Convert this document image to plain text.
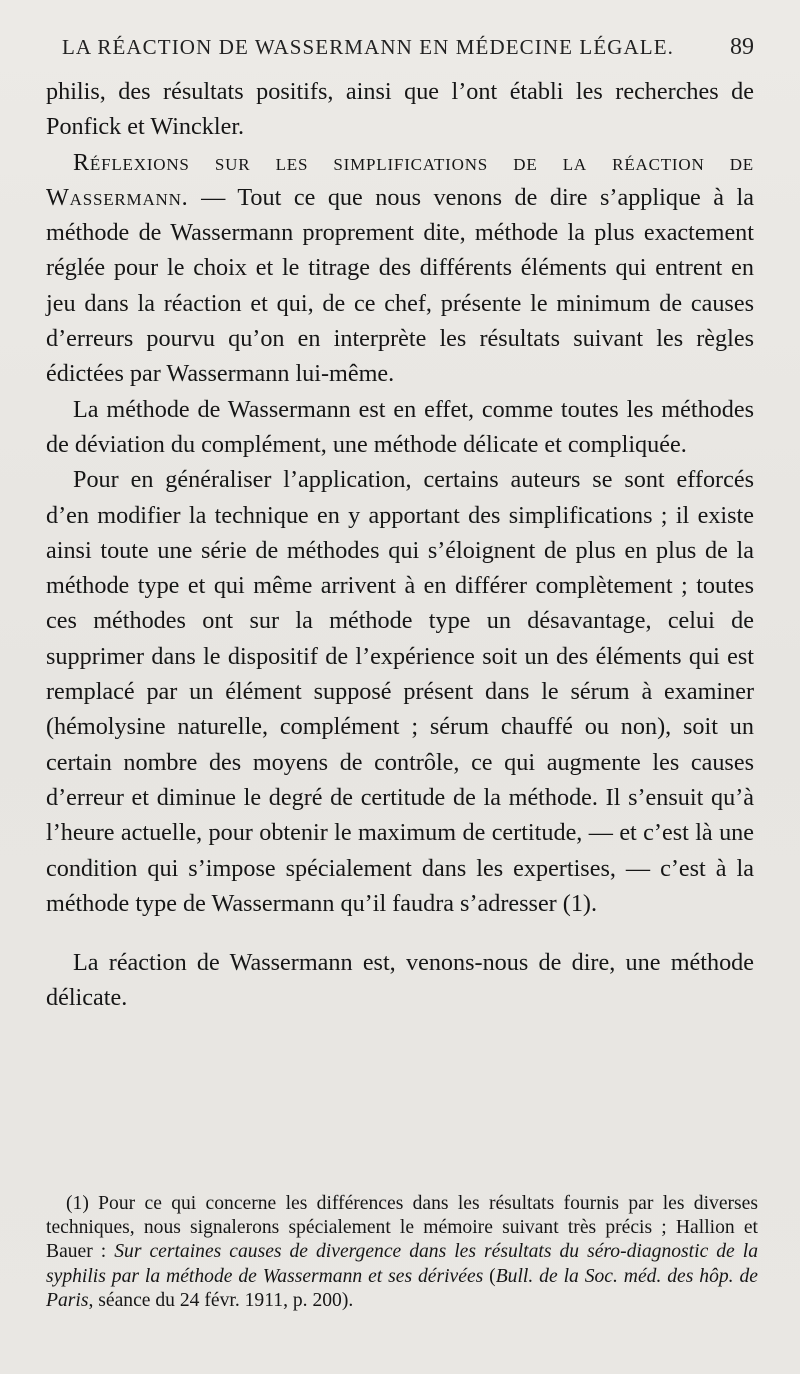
LA RÉACTION DE WASSERMANN EN MÉDECINE LÉGALE. 89

philis, des résultats positifs, ainsi que l’ont établi les recherches de Ponfick et Winckler.

Réflexions sur les simplifications de la réaction de Wassermann. — Tout ce que nous venons de dire s’applique à la méthode de Wassermann proprement dite, méthode la plus exactement réglée pour le choix et le titrage des différents éléments qui entrent en jeu dans la réaction et qui, de ce chef, présente le minimum de causes d’erreurs pourvu qu’on en interprète les résultats suivant les règles édictées par Wassermann lui-même.

La méthode de Wassermann est en effet, comme toutes les méthodes de déviation du complément, une méthode délicate et compliquée.

Pour en généraliser l’application, certains auteurs se sont efforcés d’en modifier la technique en y apportant des simplifications ; il existe ainsi toute une série de méthodes qui s’éloignent de plus en plus de la méthode type et qui même arrivent à en différer complètement ; toutes ces méthodes ont sur la méthode type un désavantage, celui de supprimer dans le dispositif de l’expérience soit un des éléments qui est remplacé par un élément supposé présent dans le sérum à examiner (hémolysine naturelle, complément ; sérum chauffé ou non), soit un certain nombre des moyens de contrôle, ce qui augmente les causes d’erreur et diminue le degré de certitude de la méthode. Il s’ensuit qu’à l’heure actuelle, pour obtenir le maximum de certitude, — et c’est là une condition qui s’impose spécialement dans les expertises, — c’est à la méthode type de Wassermann qu’il faudra s’adresser (1).

La réaction de Wassermann est, venons-nous de dire, une méthode délicate.

(1) Pour ce qui concerne les différences dans les résultats fournis par les diverses techniques, nous signalerons spécialement le mémoire suivant très précis ; Hallion et Bauer : Sur certaines causes de divergence dans les résultats du séro-diagnostic de la syphilis par la méthode de Wassermann et ses dérivées (Bull. de la Soc. méd. des hôp. de Paris, séance du 24 févr. 1911, p. 200).
